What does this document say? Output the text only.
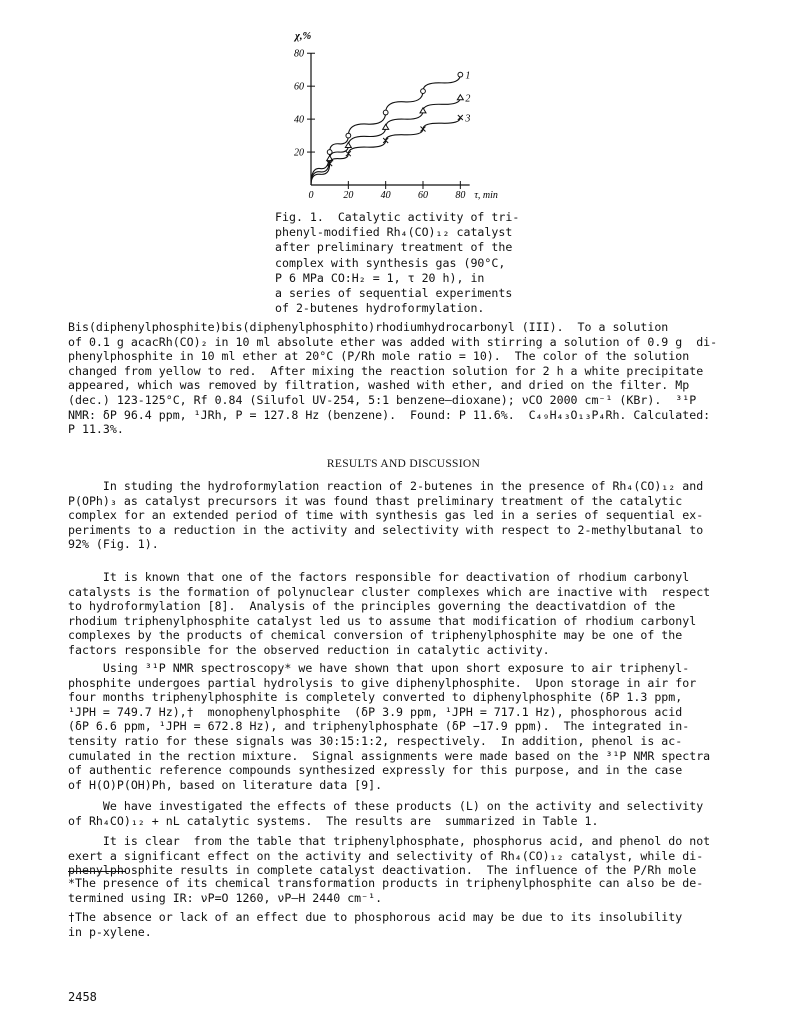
20
40
60
80
0	20	40	60	80
χ,%
τ, min
1
2
3
Fig. 1.  Catalytic activity of tri-
phenyl-modified Rh₄(CO)₁₂ catalyst
after preliminary treatment of the
complex with synthesis gas (90°C,
P 6 MPa CO:H₂ = 1, τ 20 h), in
a series of sequential experiments
of 2-butenes hydroformylation.
Bis(diphenylphosphite)bis(diphenylphosphito)rhodiumhydrocarbonyl (III).  To a solution
of 0.1 g acacRh(CO)₂ in 10 ml absolute ether was added with stirring a solution of 0.9 g  di-
phenylphosphite in 10 ml ether at 20°C (P/Rh mole ratio = 10).  The color of the solution
changed from yellow to red.  After mixing the reaction solution for 2 h a white precipitate
appeared, which was removed by filtration, washed with ether, and dried on the filter. Mp
(dec.) 123-125°C, Rf 0.84 (Silufol UV-254, 5:1 benzene–dioxane); νCO 2000 cm⁻¹ (KBr).  ³¹P
NMR: δP 96.4 ppm, ¹JRh, P = 127.8 Hz (benzene).  Found: P 11.6%.  C₄₉H₄₃O₁₃P₄Rh. Calculated:
P 11.3%.
RESULTS AND DISCUSSION
In studing the hydroformylation reaction of 2-butenes in the presence of Rh₄(CO)₁₂ and
P(OPh)₃ as catalyst precursors it was found thast preliminary treatment of the catalytic
complex for an extended period of time with synthesis gas led in a series of sequential ex-
periments to a reduction in the activity and selectivity with respect to 2-methylbutanal to
92% (Fig. 1).
It is known that one of the factors responsible for deactivation of rhodium carbonyl
catalysts is the formation of polynuclear cluster complexes which are inactive with  respect
to hydroformylation [8].  Analysis of the principles governing the deactivatdion of the
rhodium triphenylphosphite catalyst led us to assume that modification of rhodium carbonyl
complexes by the products of chemical conversion of triphenylphosphite may be one of the
factors responsible for the observed reduction in catalytic activity.
Using ³¹P NMR spectroscopy* we have shown that upon short exposure to air triphenyl-
phosphite undergoes partial hydrolysis to give diphenylphosphite.  Upon storage in air for
four months triphenylphosphite is completely converted to diphenylphosphite (δP 1.3 ppm,
¹JPH = 749.7 Hz),†  monophenylphosphite  (δP 3.9 ppm, ¹JPH = 717.1 Hz), phosphorous acid
(δP 6.6 ppm, ¹JPH = 672.8 Hz), and triphenylphosphate (δP −17.9 ppm).  The integrated in-
tensity ratio for these signals was 30:15:1:2, respectively.  In addition, phenol is ac-
cumulated in the rection mixture.  Signal assignments were made based on the ³¹P NMR spectra
of authentic reference compounds synthesized expressly for this purpose, and in the case
of H(O)P(OH)Ph, based on literature data [9].
We have investigated the effects of these products (L) on the activity and selectivity
of Rh₄CO)₁₂ + nL catalytic systems.  The results are  summarized in Table 1.
It is clear  from the table that triphenylphosphate, phosphorus acid, and phenol do not
exert a significant effect on the activity and selectivity of Rh₄(CO)₁₂ catalyst, while di-
phenylphosphite results in complete catalyst deactivation.  The influence of the P/Rh mole
*The presence of its chemical transformation products in triphenylphosphite can also be de-
termined using IR: νP=O 1260, νP–H 2440 cm⁻¹.
†The absence or lack of an effect due to phosphorous acid may be due to its insolubility
in p-xylene.
2458
